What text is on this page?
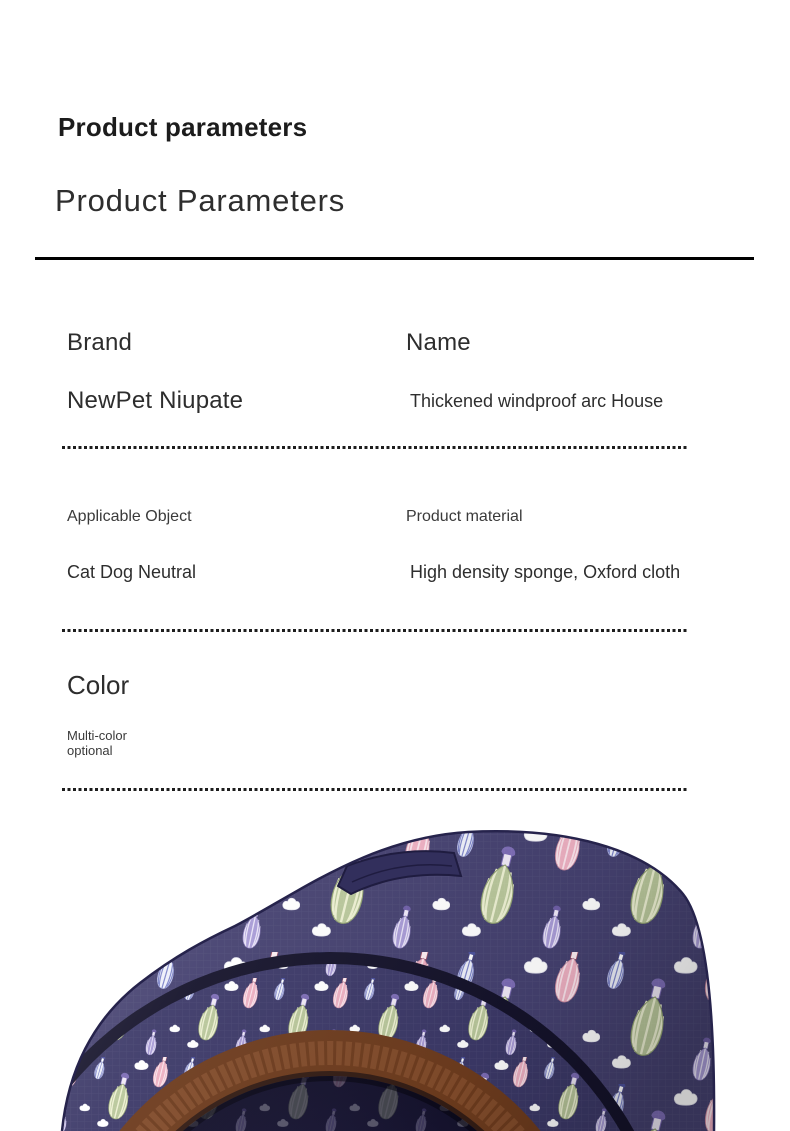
Product parameters
Product Parameters
Brand	Name
NewPet Niupate	Thickened windproof arc House
Applicable Object	Product material
Cat Dog Neutral	High density sponge, Oxford cloth
Color
Multi-color optional
